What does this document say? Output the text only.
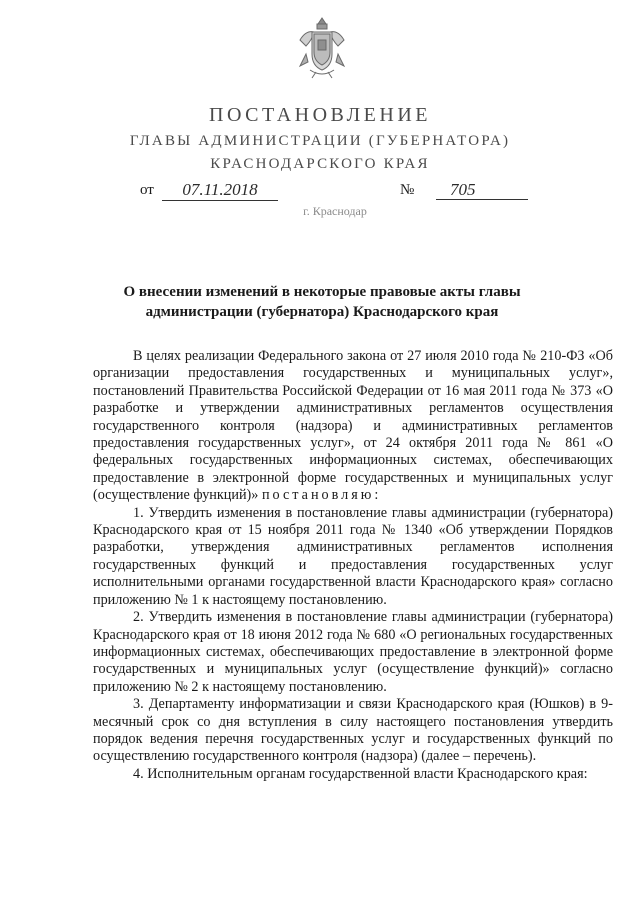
ПОСТАНОВЛЕНИЕ
ГЛАВЫ АДМИНИСТРАЦИИ (ГУБЕРНАТОРА)
КРАСНОДАРСКОГО КРАЯ
от	07.11.2018	№	705
г. Краснодар
О внесении изменений в некоторые правовые акты главы администрации (губернатора) Краснодарского края

В целях реализации Федерального закона от 27 июля 2010 года № 210-ФЗ «Об организации предоставления государственных и муниципальных услуг», постановлений Правительства Российской Федерации от 16 мая 2011 года № 373 «О разработке и утверждении административных регламентов осуществления государственного контроля (надзора) и административных регламентов предоставления государственных услуг», от 24 октября 2011 года № 861 «О федеральных государственных информационных системах, обеспечивающих предоставление в электронной форме государственных и муниципальных услуг (осуществление функций)» постановляю:

1. Утвердить изменения в постановление главы администрации (губернатора) Краснодарского края от 15 ноября 2011 года № 1340 «Об утверждении Порядков разработки, утверждения административных регламентов исполнения государственных функций и предоставления государственных услуг исполнительными органами государственной власти Краснодарского края» согласно приложению № 1 к настоящему постановлению.

2. Утвердить изменения в постановление главы администрации (губернатора) Краснодарского края от 18 июня 2012 года № 680 «О региональных государственных информационных системах, обеспечивающих предоставление в электронной форме государственных и муниципальных услуг (осуществление функций)» согласно приложению № 2 к настоящему постановлению.

3. Департаменту информатизации и связи Краснодарского края (Юшков) в 9-месячный срок со дня вступления в силу настоящего постановления утвердить порядок ведения перечня государственных услуг и государственных функций по осуществлению государственного контроля (надзора) (далее – перечень).

4. Исполнительным органам государственной власти Краснодарского края:
